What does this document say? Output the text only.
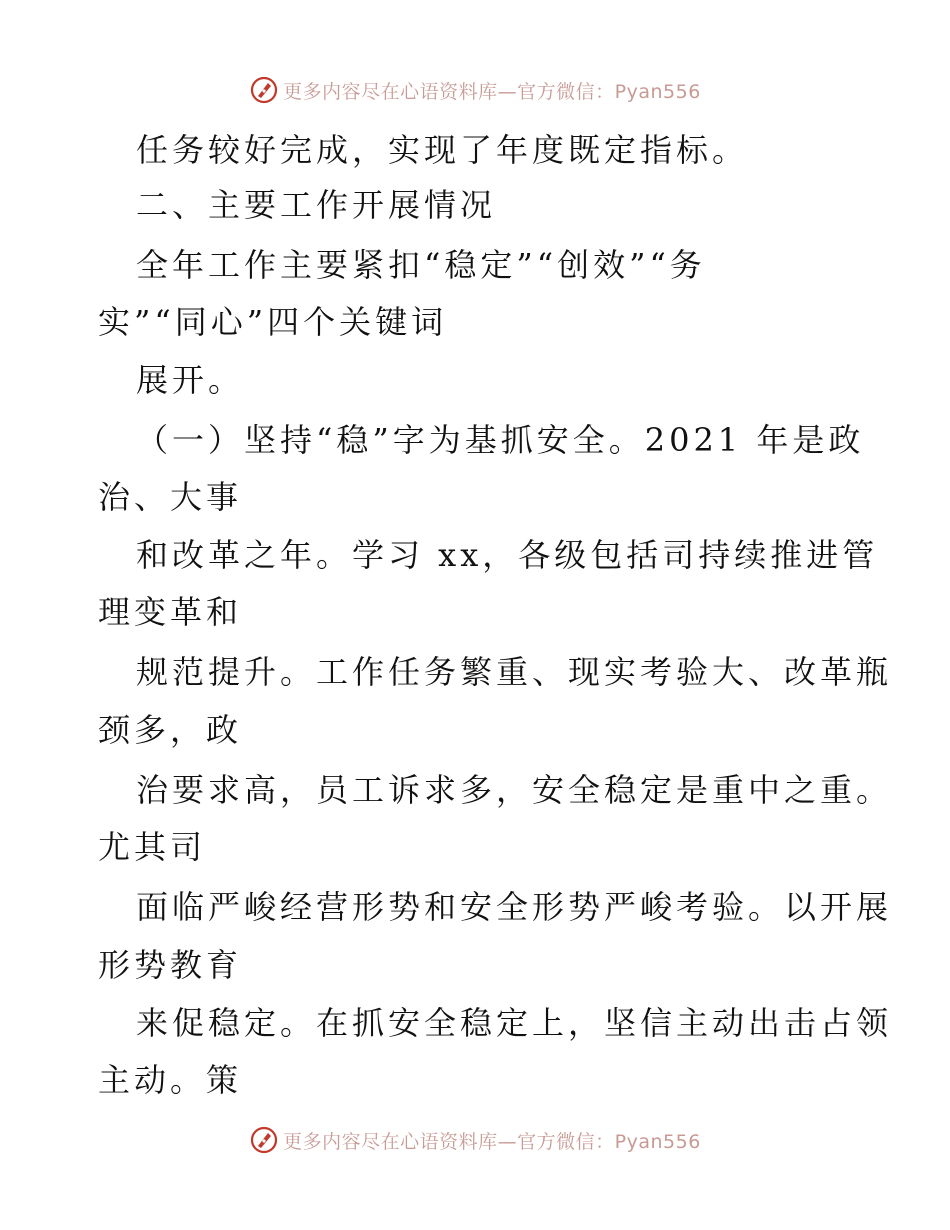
更多内容尽在心语资料库—官方微信：Pyan556
任务较好完成，实现了年度既定指标。
二、主要工作开展情况
全年工作主要紧扣“稳定”“创效”“务
实”“同心”四个关键词
展开。
（一）坚持“稳”字为基抓安全。2021 年是政
治、大事
和改革之年。学习 xx，各级包括司持续推进管
理变革和
规范提升。工作任务繁重、现实考验大、改革瓶
颈多，政
治要求高，员工诉求多，安全稳定是重中之重。
尤其司
面临严峻经营形势和安全形势严峻考验。以开展
形势教育
来促稳定。在抓安全稳定上，坚信主动出击占领
主动。策
更多内容尽在心语资料库—官方微信：Pyan556
